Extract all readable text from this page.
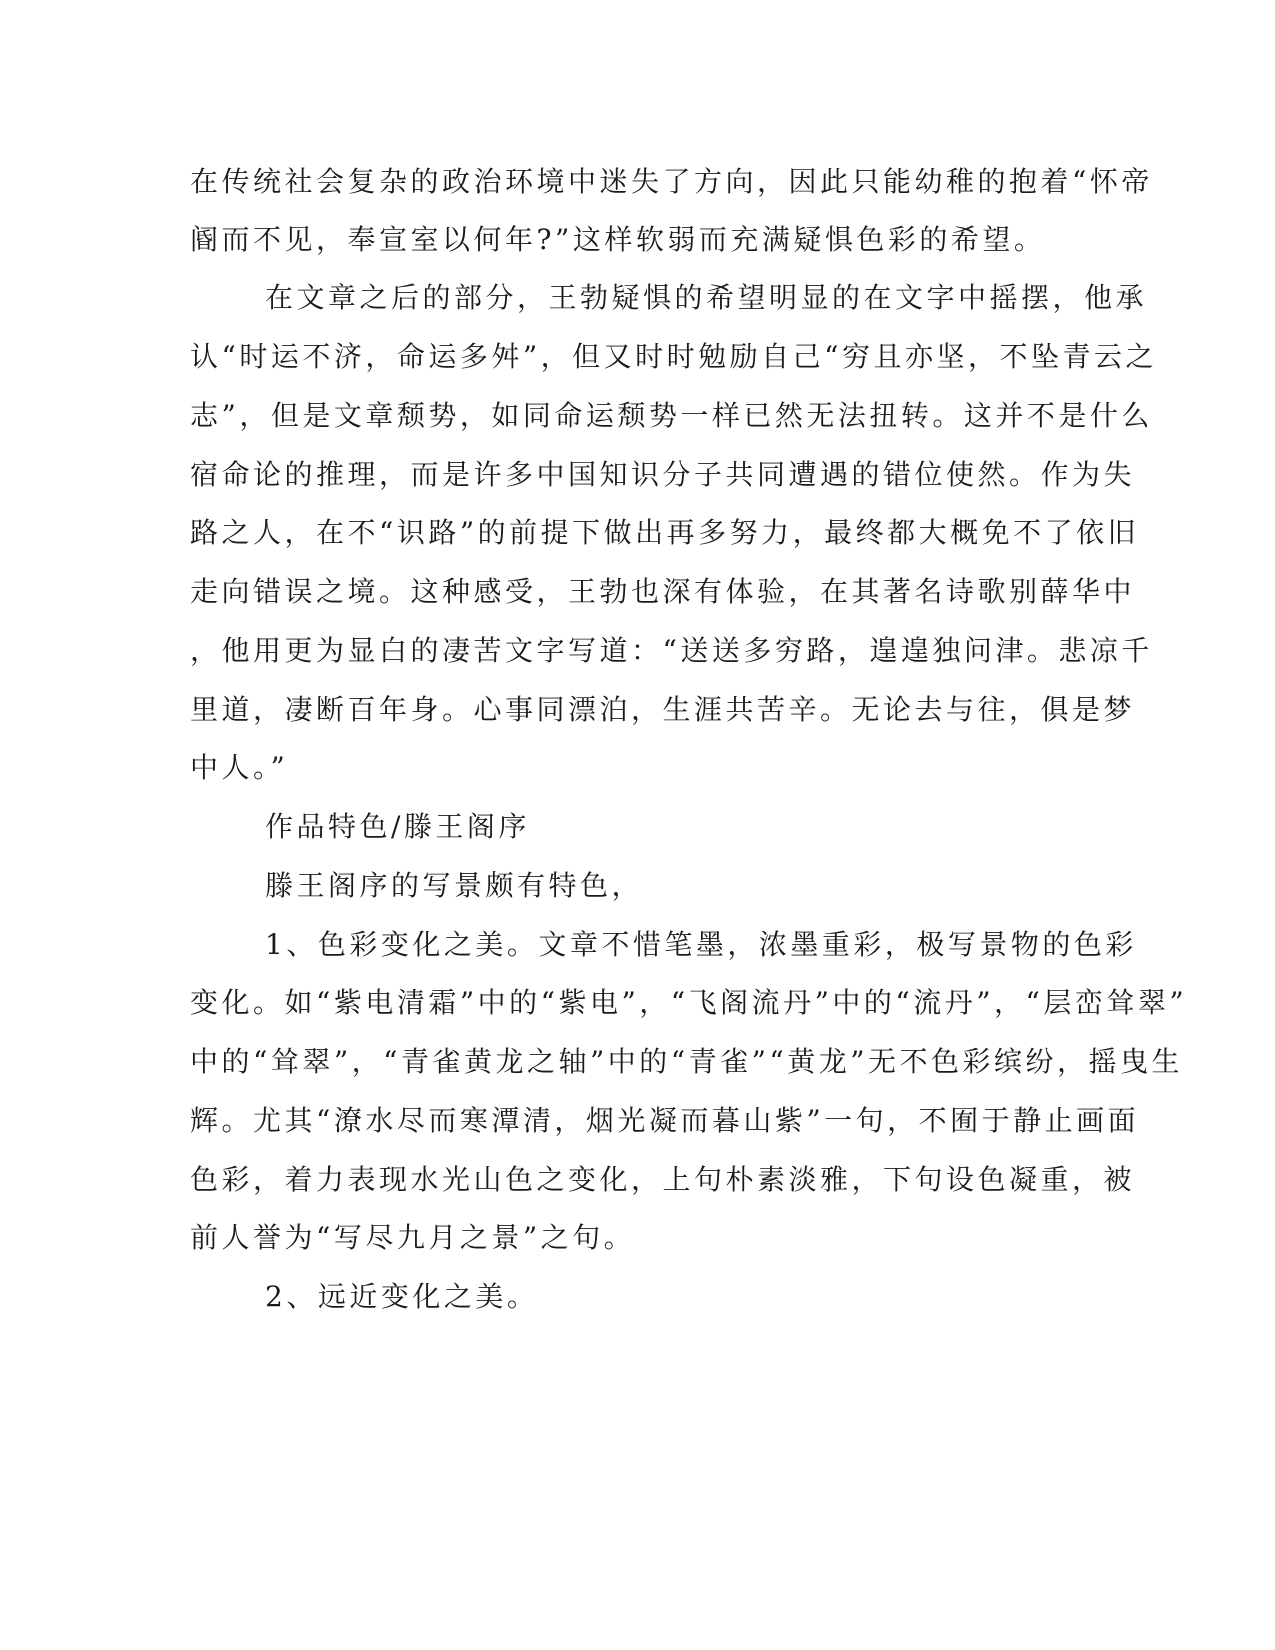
在传统社会复杂的政治环境中迷失了方向，因此只能幼稚的抱着“怀帝
阍而不见，奉宣室以何年?”这样软弱而充满疑惧色彩的希望。
在文章之后的部分，王勃疑惧的希望明显的在文字中摇摆，他承
认“时运不济，命运多舛”，但又时时勉励自己“穷且亦坚，不坠青云之
志”，但是文章颓势，如同命运颓势一样已然无法扭转。这并不是什么
宿命论的推理，而是许多中国知识分子共同遭遇的错位使然。作为失
路之人，在不“识路”的前提下做出再多努力，最终都大概免不了依旧
走向错误之境。这种感受，王勃也深有体验，在其著名诗歌别薛华中
，他用更为显白的凄苦文字写道：“送送多穷路，遑遑独问津。悲凉千
里道，凄断百年身。心事同漂泊，生涯共苦辛。无论去与往，俱是梦
中人。”
作品特色/滕王阁序
滕王阁序的写景颇有特色，
1、色彩变化之美。文章不惜笔墨，浓墨重彩，极写景物的色彩
变化。如“紫电清霜”中的“紫电”，“飞阁流丹”中的“流丹”，“层峦耸翠”
中的“耸翠”，“青雀黄龙之轴”中的“青雀”“黄龙”无不色彩缤纷，摇曳生
辉。尤其“潦水尽而寒潭清，烟光凝而暮山紫”一句，不囿于静止画面
色彩，着力表现水光山色之变化，上句朴素淡雅，下句设色凝重，被
前人誉为“写尽九月之景”之句。
2、远近变化之美。
